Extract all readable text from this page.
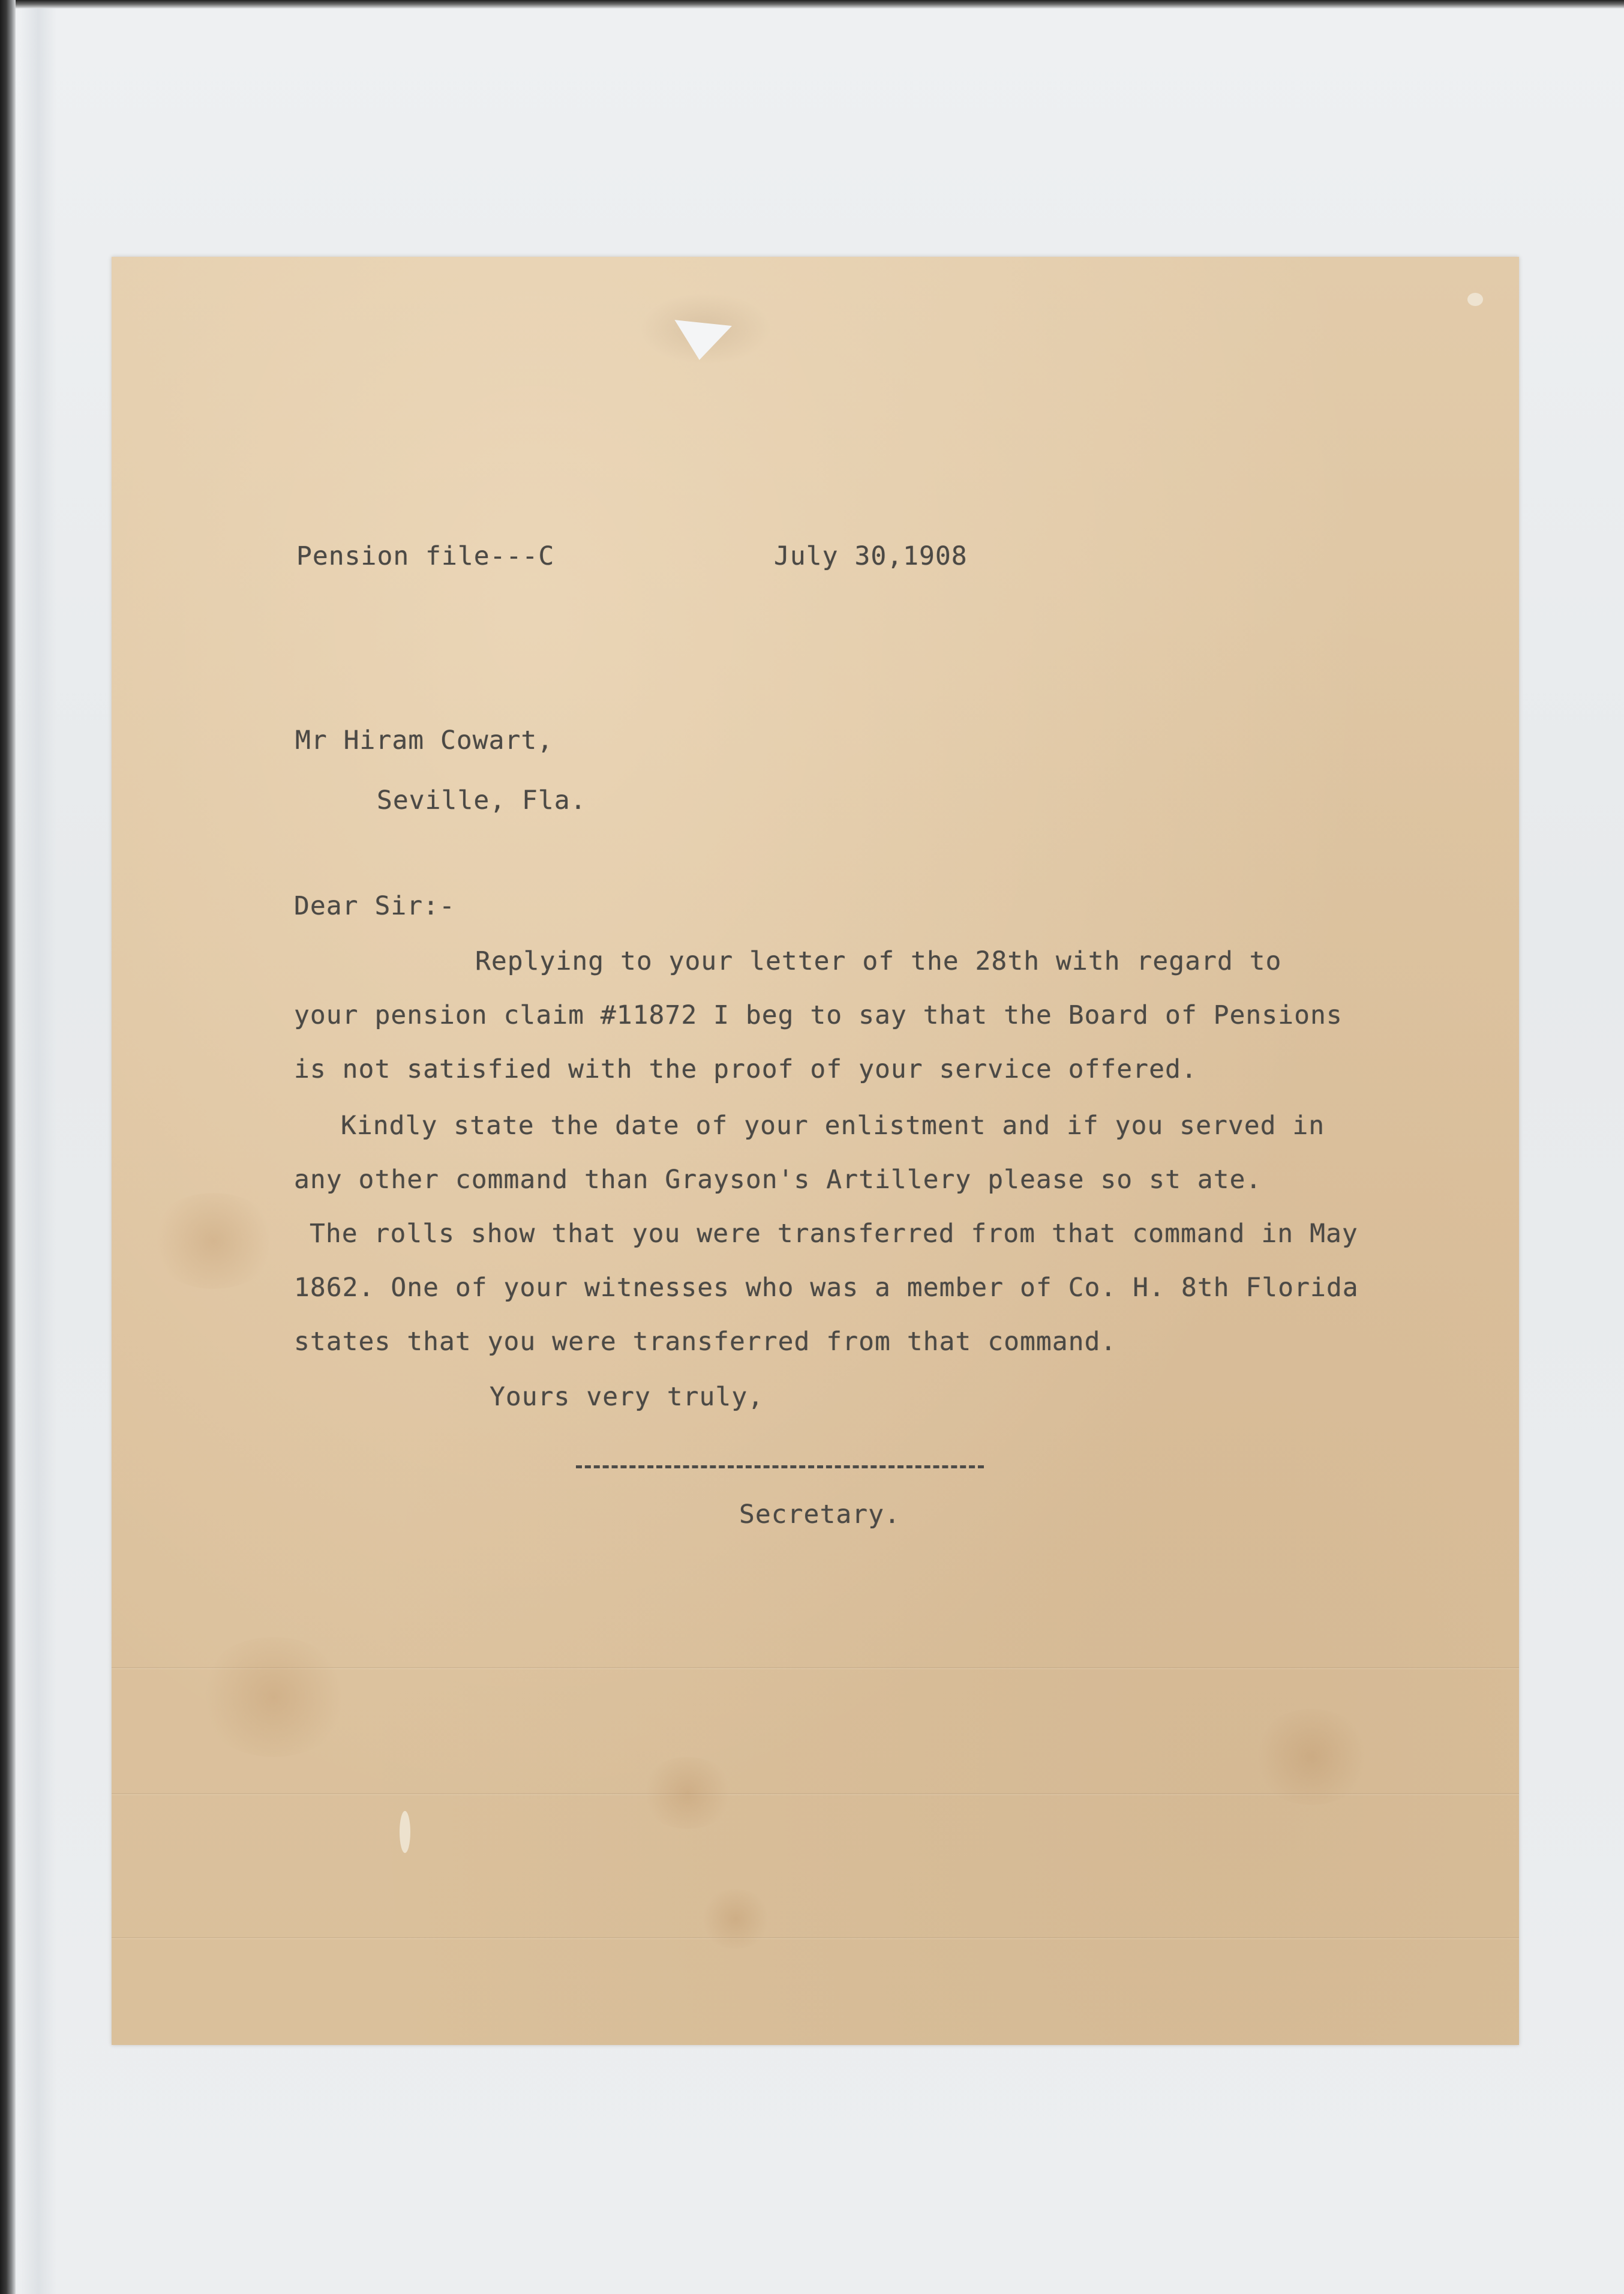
Pension file---C	July 30,1908
Mr Hiram Cowart,
Seville, Fla.
Dear Sir:-
Replying to your letter of the 28th with regard to
your pension claim #11872 I beg to say that the Board of Pensions
is not satisfied with the proof of your service offered.
Kindly state the date of your enlistment and if you served in
any other command than Grayson's Artillery please so st ate.
The rolls show that you were transferred from that command in May
1862. One of your witnesses who was a member of Co. H. 8th Florida
states that you were transferred from that command.
Yours very truly,
Secretary.
